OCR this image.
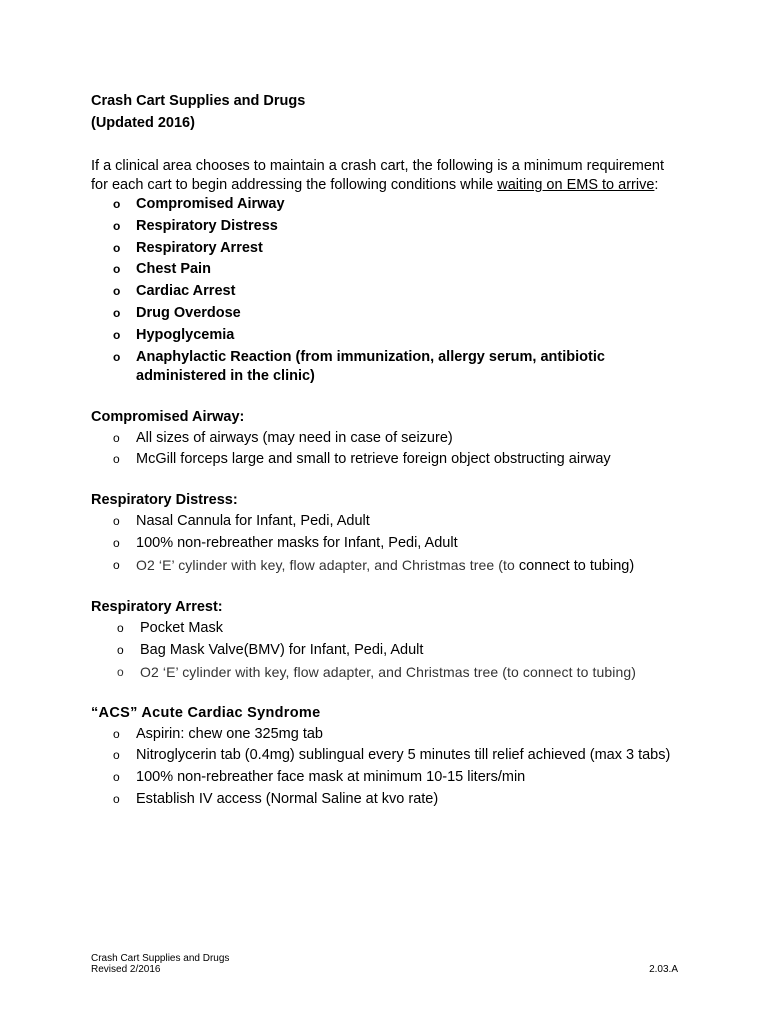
Crash Cart Supplies and Drugs

(Updated 2016)

If a clinical area chooses to maintain a crash cart, the following is a minimum requirement for each cart to begin addressing the following conditions while waiting on EMS to arrive:

o Compromised Airway
o Respiratory Distress
o Respiratory Arrest
o Chest Pain
o Cardiac Arrest
o Drug Overdose
o Hypoglycemia
o Anaphylactic Reaction (from immunization, allergy serum, antibiotic administered in the clinic)
Compromised Airway:
o All sizes of airways (may need in case of seizure)
o McGill forceps large and small to retrieve foreign object obstructing airway
Respiratory Distress:
o Nasal Cannula for Infant, Pedi, Adult
o 100% non-rebreather masks for Infant, Pedi, Adult
o O2 ‘E’ cylinder with key, flow adapter, and Christmas tree (to connect to tubing)
Respiratory Arrest:
o Pocket Mask
o Bag Mask Valve(BMV) for Infant, Pedi, Adult
o O2 ‘E’ cylinder with key, flow adapter, and Christmas tree (to connect to tubing)
“ACS” Acute Cardiac Syndrome
o Aspirin: chew one 325mg tab
o Nitroglycerin tab (0.4mg) sublingual every 5 minutes till relief achieved (max 3 tabs)
o 100% non-rebreather face mask at minimum 10-15 liters/min
o Establish IV access (Normal Saline at kvo rate)
Crash Cart Supplies and Drugs
Revised 2/2016	2.03.A
